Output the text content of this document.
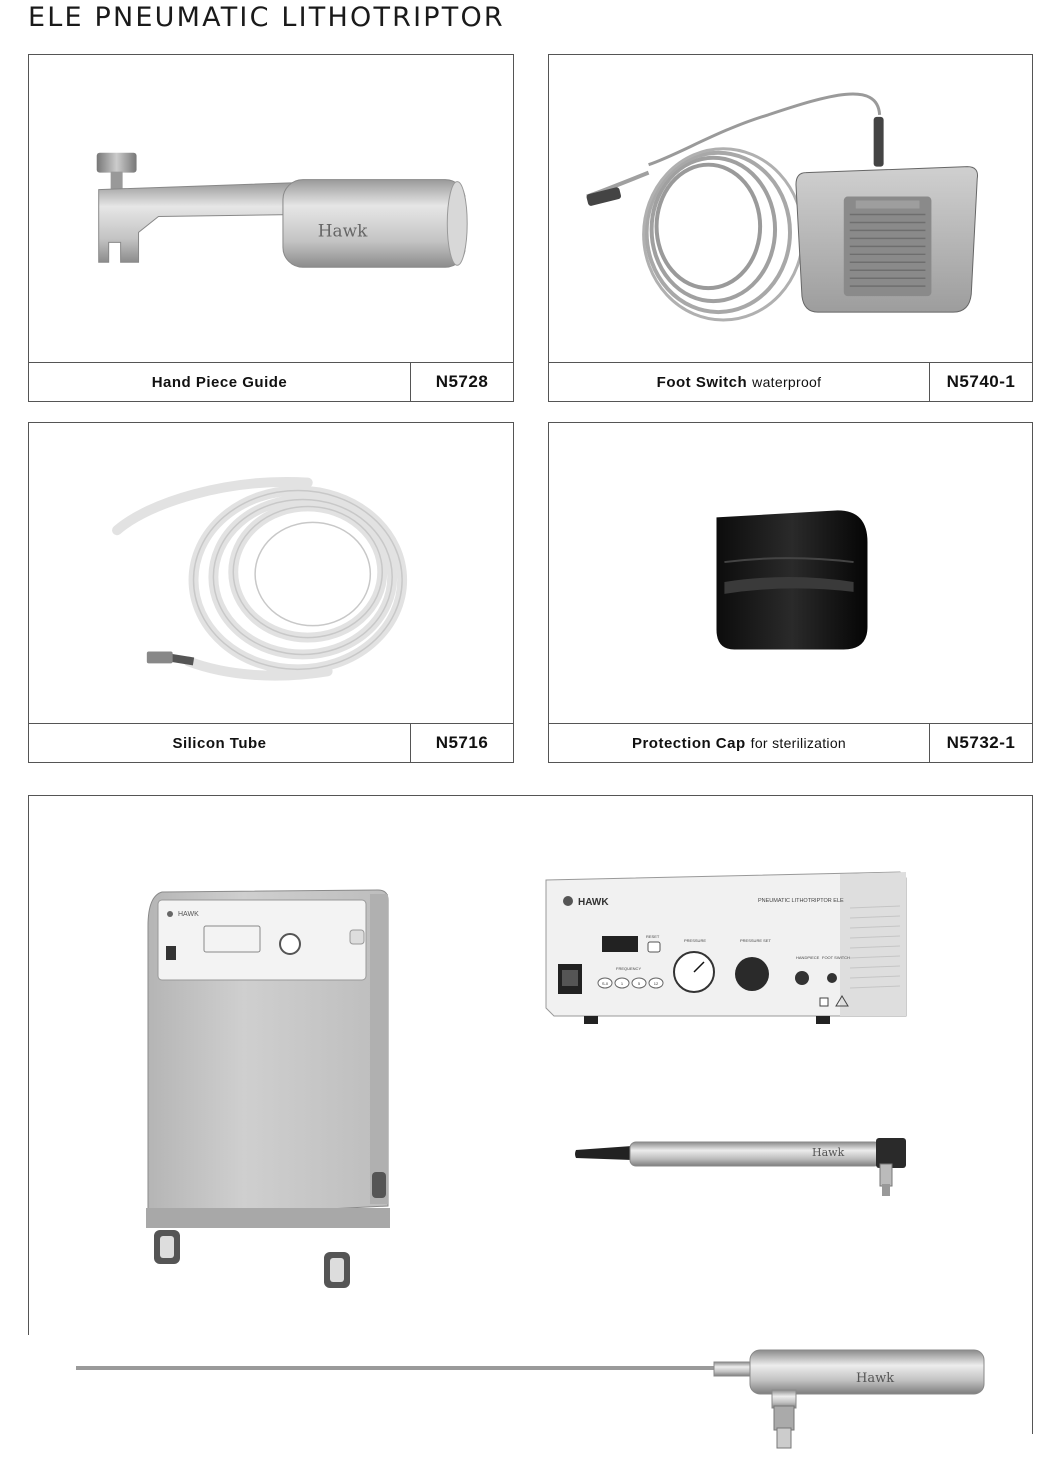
ELE PNEUMATIC LITHOTRIPTOR
Hawk
Hand Piece Guide	N5728	Foot Switch waterproof	N5740-1
Silicon Tube	N5716	Protection Cap for sterilization	N5732-1
HAWK
HAWK	PNEUMATIC LITHOTRIPTOR ELE
RESET
PRESSURE	PRESSURE SET
HANDPIECE FOOT SWITCH
FREQUENCY
S-0	1	5	12
Hawk
Hawk
